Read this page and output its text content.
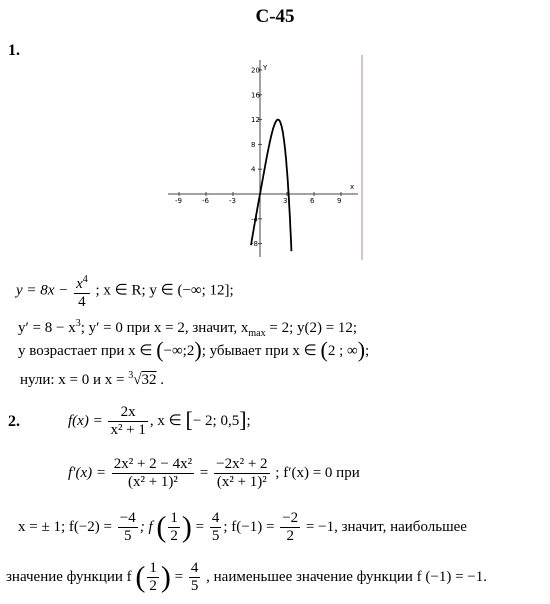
С-45
1.
x
Y
-9	-6	-3	3	6	9
20
16
12
8
4
-4
-8
$y = 8x - \frac{x^4}{4}$ ; x ∈ R; y ∈ (−∞; 12];
$y' = 8 - x^3$; y′ = 0 при x = 2, значит, $x_{max} = 2$; y(2) = 12;
y возрастает при x ∈ (−∞;2); убывает при x ∈ (2 ; ∞);
нули: x = 0 и x = $^3$√32 .
2.	$f(x) = \frac{2x}{\text{x² + 1}}$ , x ∈ [− 2; 0,5];
$f'(x) = \frac{\text{2x² + 2 − 4x²}}{\text{(x² + 1)²}} = \frac{\text{−2x² + 2}}{\text{(x² + 1)²}}$ ; f′(x) = 0 при
x = ± 1; $f(-2) = \frac{-4}{5}$ ; f ( $\frac{1}{2}$ ) = $\frac{4}{5}$ ; $f(-1) = \frac{-2}{2} = -1$, значит, наибольшее
значение функции f ( $\frac{1}{2}$ ) = $\frac{4}{5}$ , наименьшее значение функции f (−1) = −1.
